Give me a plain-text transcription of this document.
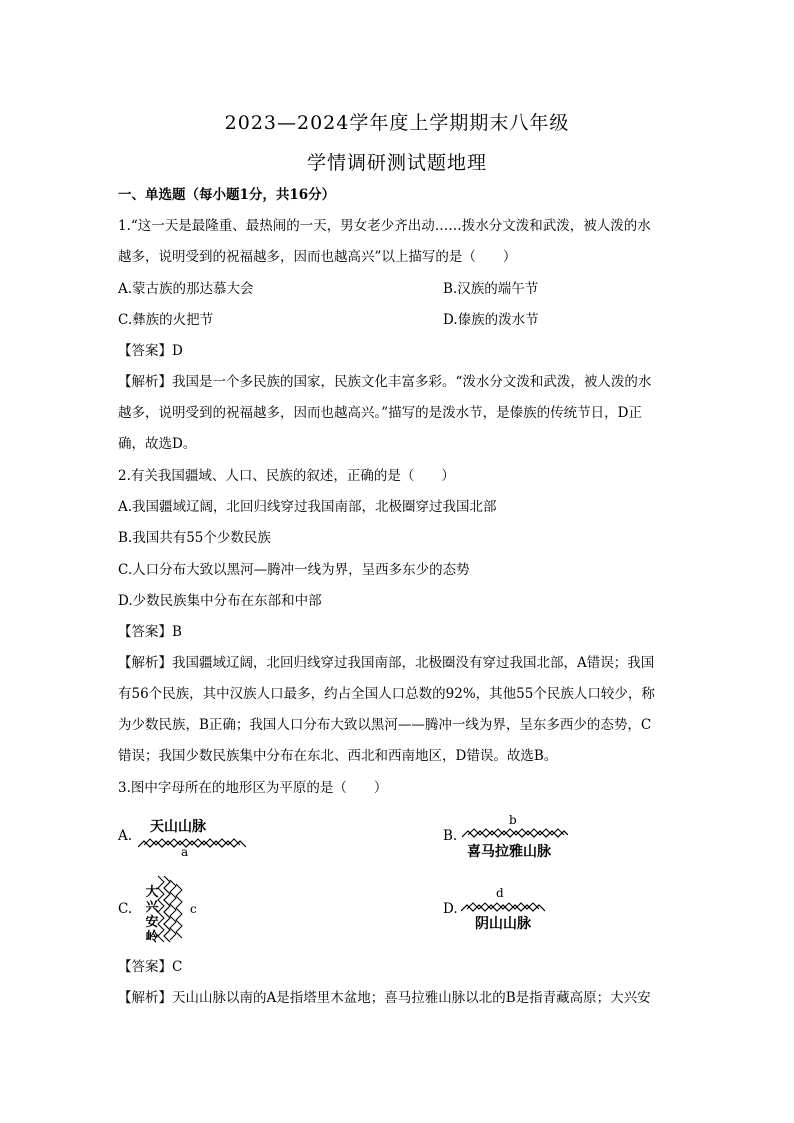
2023—2024学年度上学期期末八年级
学情调研测试题地理
一、单选题（每小题1分，共16分）
1.“这一天是最隆重、最热闹的一天，男女老少齐出动……拨水分文泼和武泼，被人泼的水
越多，说明受到的祝福越多，因而也越高兴”以上描写的是（　　）
A.蒙古族的那达慕大会	B.汉族的端午节
C.彝族的火把节	D.傣族的泼水节
【答案】D
【解析】我国是一个多民族的国家，民族文化丰富多彩。“泼水分文泼和武泼，被人泼的水
越多，说明受到的祝福越多，因而也越高兴。”描写的是泼水节，是傣族的传统节日，D正
确，故选D。
2.有关我国疆域、人口、民族的叙述，正确的是（　　）
A.我国疆域辽阔，北回归线穿过我国南部，北极圈穿过我国北部
B.我国共有55个少数民族
C.人口分布大致以黑河—腾冲一线为界，呈西多东少的态势
D.少数民族集中分布在东部和中部
【答案】B
【解析】我国疆域辽阔，北回归线穿过我国南部，北极圈没有穿过我国北部，A错误；我国
有56个民族，其中汉族人口最多，约占全国人口总数的92%，其他55个民族人口较少，称
为少数民族，B正确；我国人口分布大致以黑河——腾冲一线为界，呈东多西少的态势，C
错误；我国少数民族集中分布在东北、西北和西南地区，D错误。故选B。
3.图中字母所在的地形区为平原的是（　　）
A.
天山山脉
a
B.
b
喜马拉雅山脉
C.
大
兴
安
岭
c	D.
d
阴山山脉
【答案】C
【解析】天山山脉以南的A是指塔里木盆地；喜马拉雅山脉以北的B是指青藏高原；大兴安
